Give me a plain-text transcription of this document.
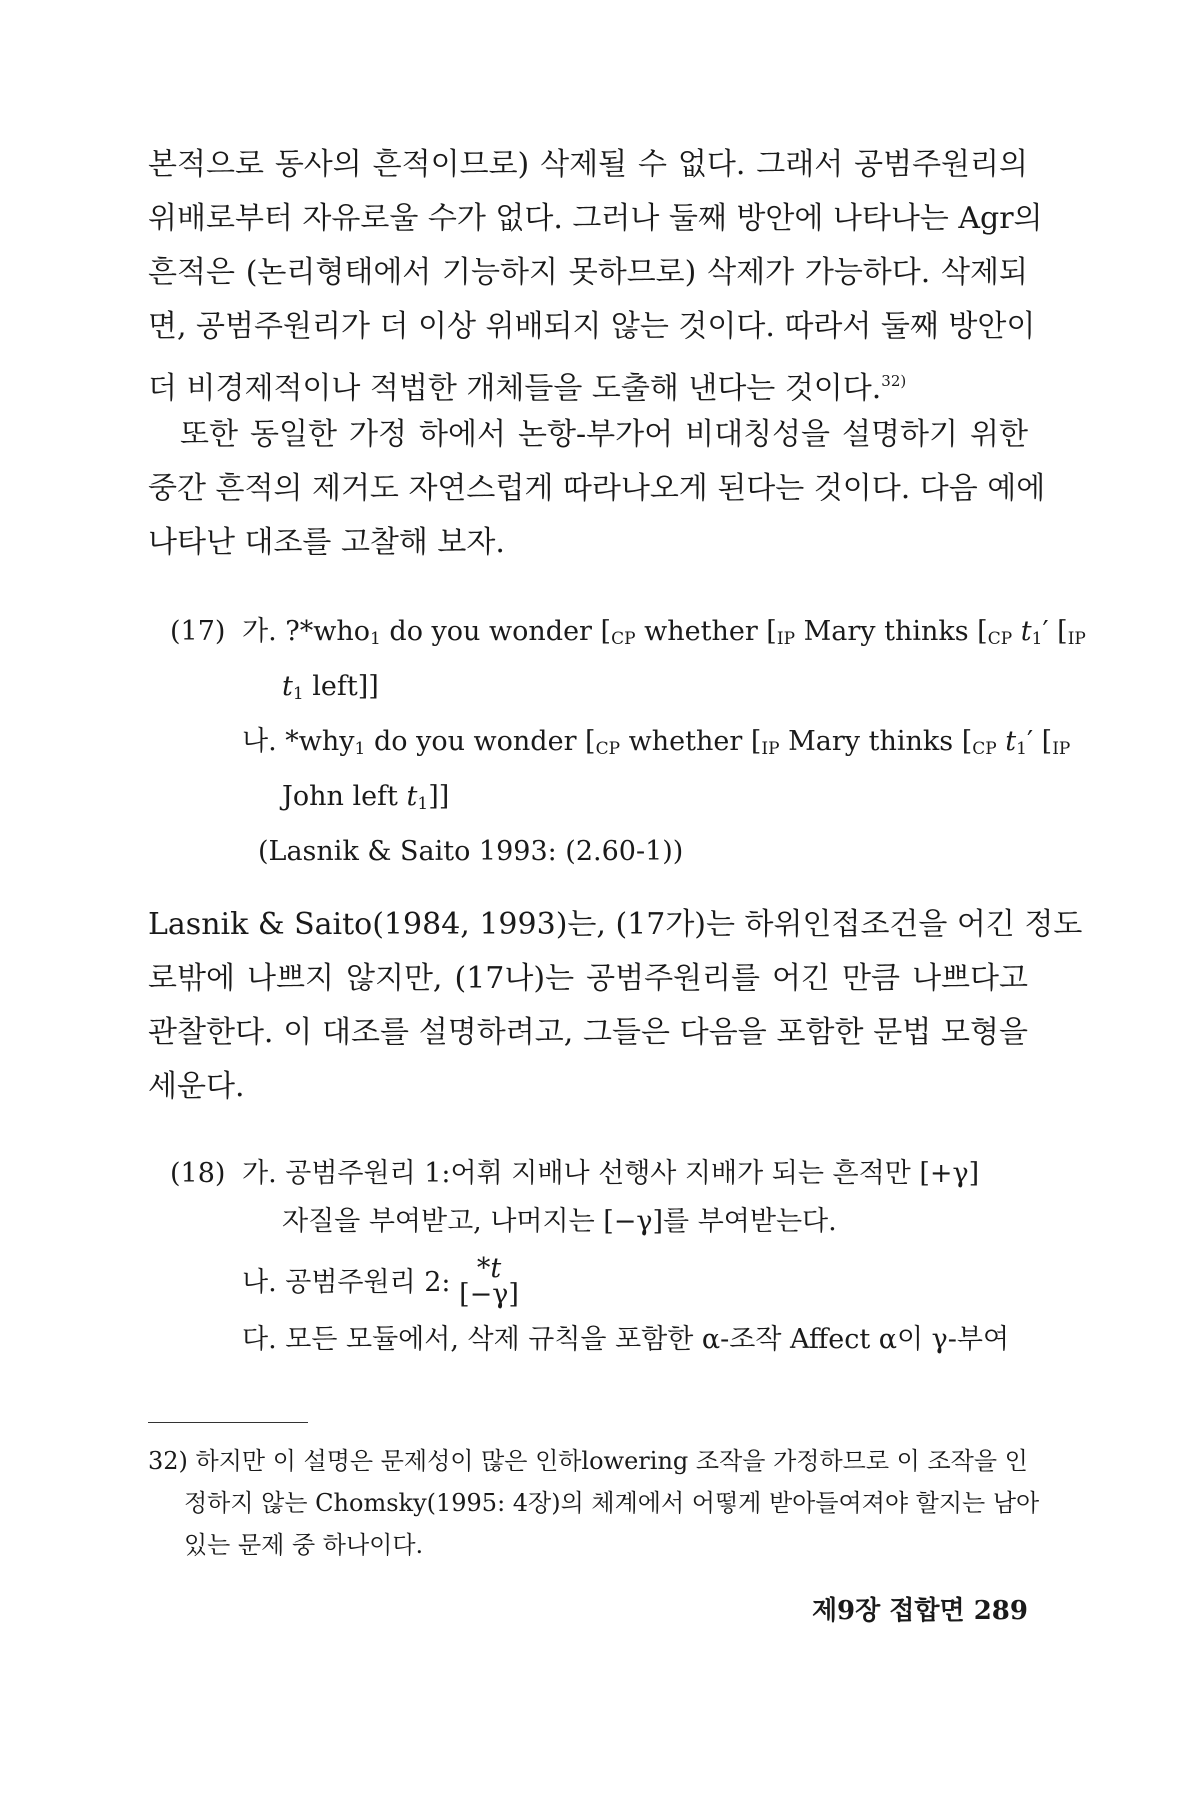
본적으로 동사의 흔적이므로) 삭제될 수 없다. 그래서 공범주원리의
위배로부터 자유로울 수가 없다. 그러나 둘째 방안에 나타나는 Agr의
흔적은 (논리형태에서 기능하지 못하므로) 삭제가 가능하다. 삭제되
면, 공범주원리가 더 이상 위배되지 않는 것이다. 따라서 둘째 방안이
더 비경제적이나 적법한 개체들을 도출해 낸다는 것이다.$^{32)}$
또한 동일한 가정 하에서 논항-부가어 비대칭성을 설명하기 위한
중간 흔적의 제거도 자연스럽게 따라나오게 된다는 것이다. 다음 예에
나타난 대조를 고찰해 보자.
(17) 가. ?*who$_1$ do you wonder [$_{CP}$ whether [$_{IP}$ Mary thinks [$_{CP}$ $t_1'$ [$_{IP}$
$t_1$ left]]
나. *why$_1$ do you wonder [$_{CP}$ whether [$_{IP}$ Mary thinks [$_{CP}$ $t_1'$ [$_{IP}$
John left $t_1$]]
(Lasnik & Saito 1993: (2.60-1))
Lasnik & Saito(1984, 1993)는, (17가)는 하위인접조건을 어긴 정도
로밖에 나쁘지 않지만, (17나)는 공범주원리를 어긴 만큼 나쁘다고
관찰한다. 이 대조를 설명하려고, 그들은 다음을 포함한 문법 모형을
세운다.
(18) 가. 공범주원리 1:어휘 지배나 선행사 지배가 되는 흔적만 [+γ]
자질을 부여받고, 나머지는 [−γ]를 부여받는다.
나. 공범주원리 2: *t
[−γ]
다. 모든 모듈에서, 삭제 규칙을 포함한 α-조작 Affect α이 γ-부여
32) 하지만 이 설명은 문제성이 많은 인하lowering 조작을 가정하므로 이 조작을 인
정하지 않는 Chomsky(1995: 4장)의 체계에서 어떻게 받아들여져야 할지는 남아
있는 문제 중 하나이다.
제9장 접합면 289
